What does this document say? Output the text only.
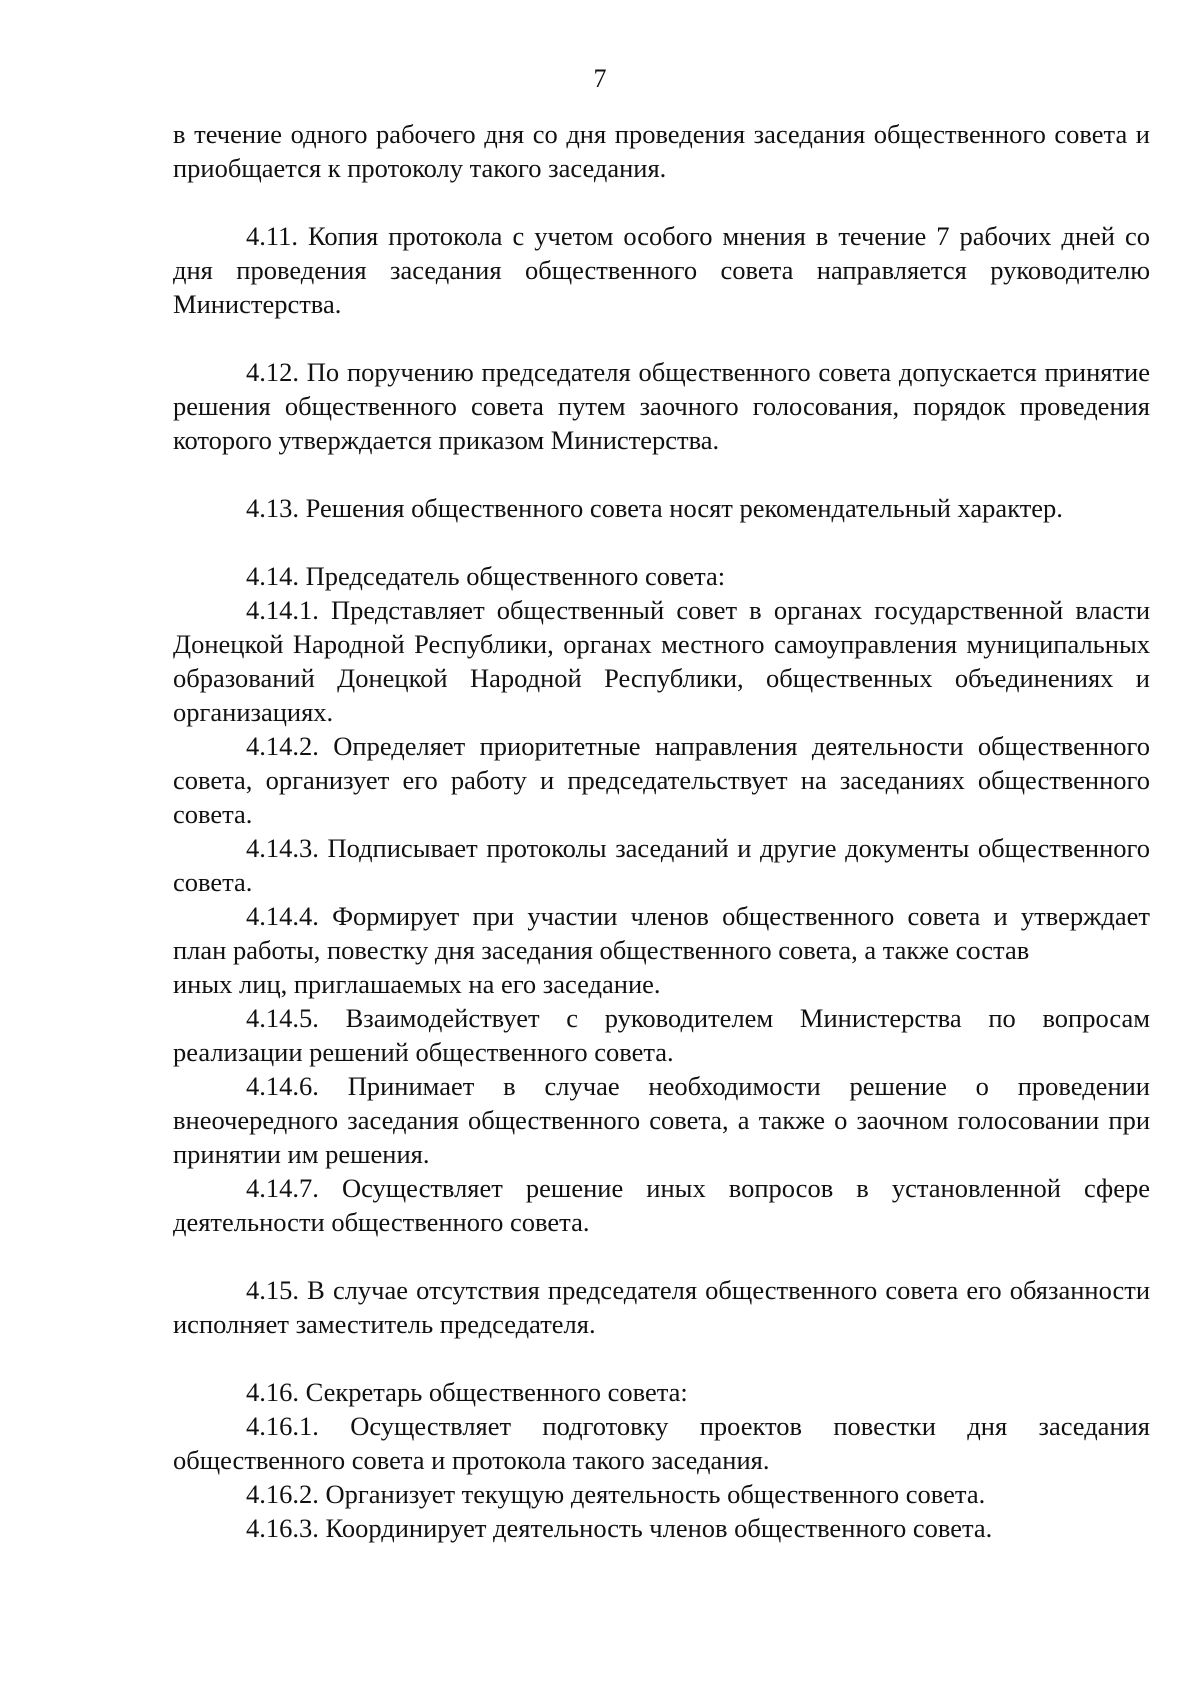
7

в течение одного рабочего дня со дня проведения заседания общественного совета и приобщается к протоколу такого заседания.

4.11. Копия протокола с учетом особого мнения в течение 7 рабочих дней со дня проведения заседания общественного совета направляется руководителю Министерства.

4.12. По поручению председателя общественного совета допускается принятие решения общественного совета путем заочного голосования, порядок проведения которого утверждается приказом Министерства.

4.13. Решения общественного совета носят рекомендательный характер.

4.14. Председатель общественного совета:

4.14.1. Представляет общественный совет в органах государственной власти Донецкой Народной Республики, органах местного самоуправления муниципальных образований Донецкой Народной Республики, общественных объединениях и организациях.

4.14.2. Определяет приоритетные направления деятельности общественного совета, организует его работу и председательствует на заседаниях общественного совета.

4.14.3. Подписывает протоколы заседаний и другие документы общественного совета.

4.14.4. Формирует при участии членов общественного совета и утверждает план работы, повестку дня заседания общественного совета, а также состав

иных лиц, приглашаемых на его заседание.

4.14.5. Взаимодействует с руководителем Министерства по вопросам реализации решений общественного совета.

4.14.6. Принимает в случае необходимости решение о проведении внеочередного заседания общественного совета, а также о заочном голосовании при принятии им решения.

4.14.7. Осуществляет решение иных вопросов в установленной сфере деятельности общественного совета.

4.15. В случае отсутствия председателя общественного совета его обязанности исполняет заместитель председателя.

4.16. Секретарь общественного совета:

4.16.1. Осуществляет подготовку проектов повестки дня заседания общественного совета и протокола такого заседания.

4.16.2. Организует текущую деятельность общественного совета.

4.16.3. Координирует деятельность членов общественного совета.
